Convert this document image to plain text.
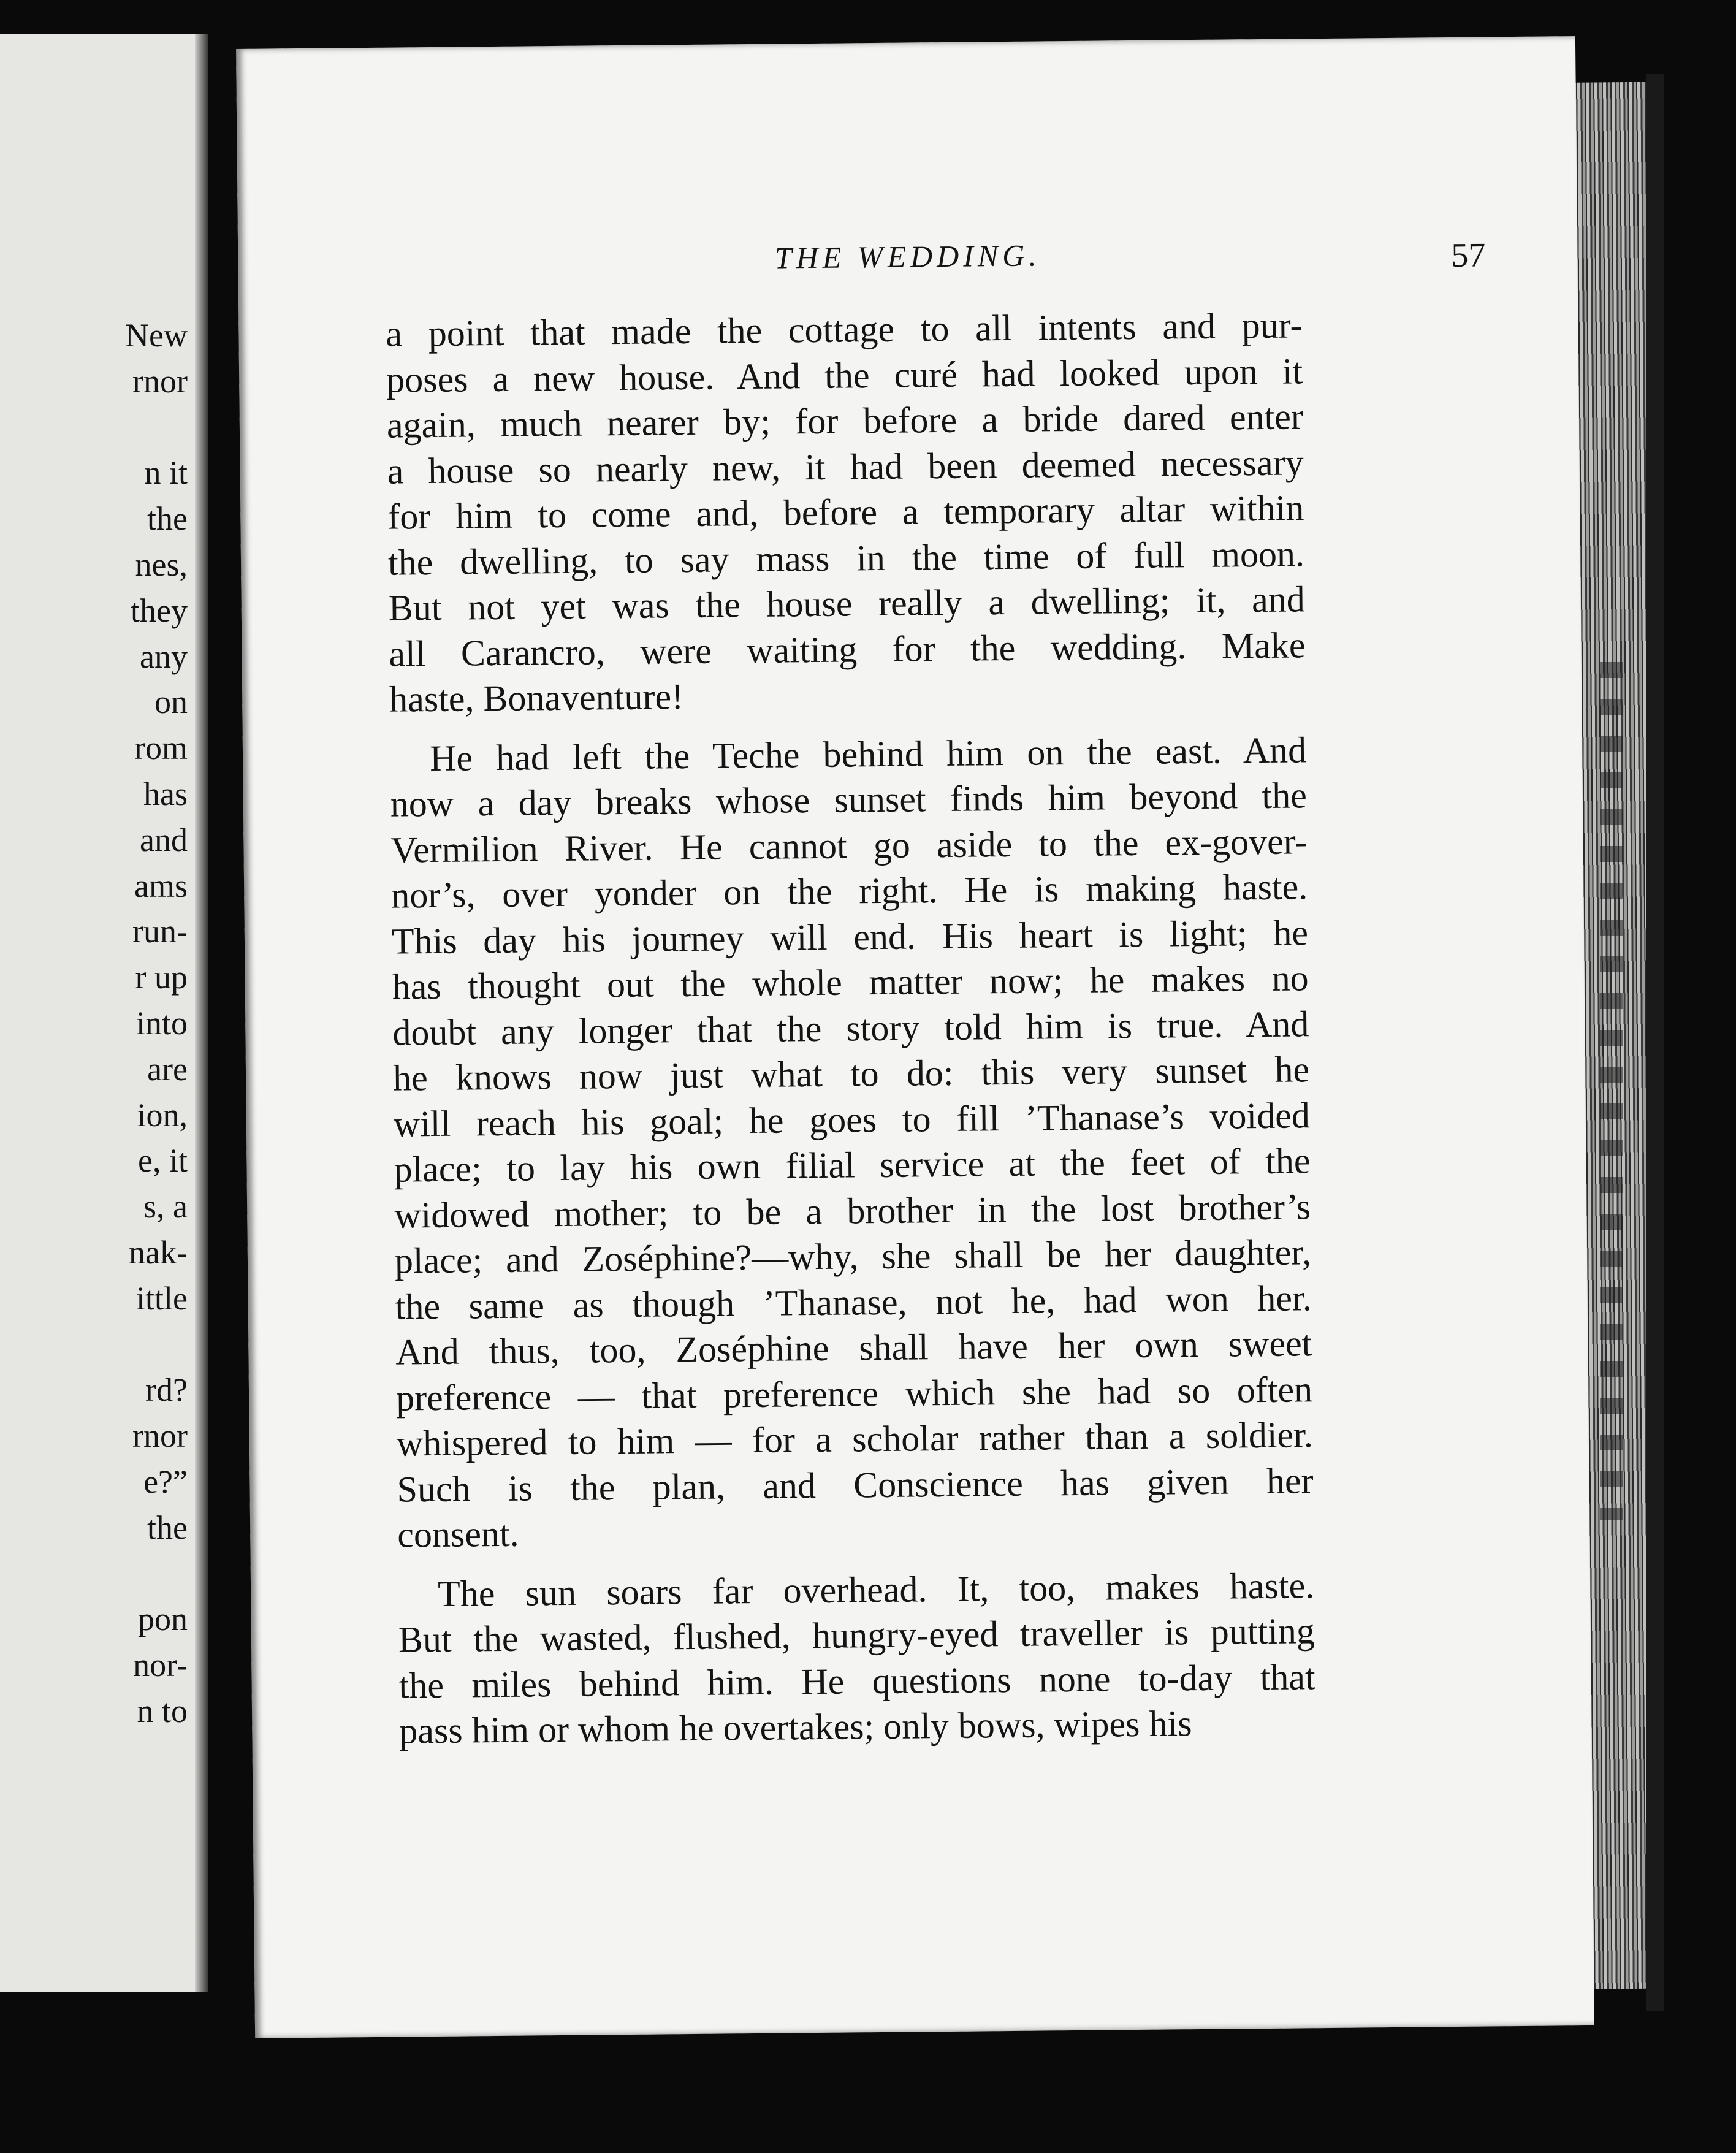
New
rnor
n it
the
nes,
they
any
on
rom
has
and
ams
run-
r up
into
are
ion,
e, it
s, a
nak-
ittle
rd?
rnor
e?”
the
pon
nor-
n to
THE WEDDING.	57
a point that made the cottage to all intents and pur-
poses a new house. And the curé had looked upon it
again, much nearer by; for before a bride dared enter
a house so nearly new, it had been deemed necessary
for him to come and, before a temporary altar within
the dwelling, to say mass in the time of full moon.
But not yet was the house really a dwelling; it, and
all Carancro, were waiting for the wedding. Make
haste, Bonaventure!
He had left the Teche behind him on the east. And
now a day breaks whose sunset finds him beyond the
Vermilion River. He cannot go aside to the ex-gover-
nor’s, over yonder on the right. He is making haste.
This day his journey will end. His heart is light; he
has thought out the whole matter now; he makes no
doubt any longer that the story told him is true. And
he knows now just what to do: this very sunset he
will reach his goal; he goes to fill ’Thanase’s voided
place; to lay his own filial service at the feet of the
widowed mother; to be a brother in the lost brother’s
place; and Zoséphine?—why, she shall be her daughter,
the same as though ’Thanase, not he, had won her.
And thus, too, Zoséphine shall have her own sweet
preference — that preference which she had so often
whispered to him — for a scholar rather than a soldier.
Such is the plan, and Conscience has given her
consent.
The sun soars far overhead. It, too, makes haste.
But the wasted, flushed, hungry-eyed traveller is putting
the miles behind him. He questions none to-day that
pass him or whom he overtakes; only bows, wipes his
